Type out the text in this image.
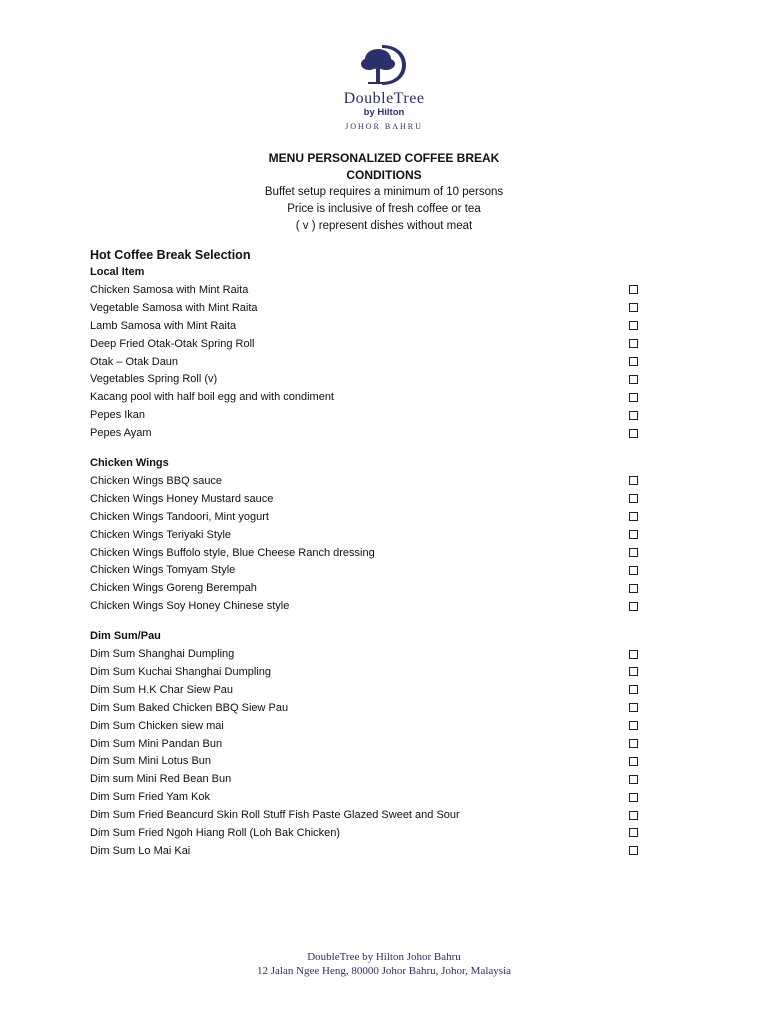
DoubleTree
by Hilton
JOHOR BAHRU
MENU PERSONALIZED COFFEE BREAK
CONDITIONS
Buffet setup requires a minimum of 10 persons
Price is inclusive of fresh coffee or tea
( v ) represent dishes without meat
Hot Coffee Break Selection
Local Item
Chicken Samosa with Mint Raita
Vegetable Samosa with Mint Raita
Lamb Samosa with Mint Raita
Deep Fried Otak-Otak Spring Roll
Otak – Otak Daun
Vegetables Spring Roll (v)
Kacang pool with half boil egg and with condiment
Pepes Ikan
Pepes Ayam
Chicken Wings
Chicken Wings BBQ sauce
Chicken Wings Honey Mustard sauce
Chicken Wings Tandoori, Mint yogurt
Chicken Wings Teriyaki Style
Chicken Wings Buffolo style, Blue Cheese Ranch dressing
Chicken Wings Tomyam Style
Chicken Wings Goreng Berempah
Chicken Wings Soy Honey Chinese style
Dim Sum/Pau
Dim Sum Shanghai Dumpling
Dim Sum Kuchai Shanghai Dumpling
Dim Sum H.K Char Siew Pau
Dim Sum Baked Chicken BBQ Siew Pau
Dim Sum Chicken siew mai
Dim Sum Mini Pandan Bun
Dim Sum Mini Lotus Bun
Dim sum Mini Red Bean Bun
Dim Sum Fried Yam Kok
Dim Sum Fried Beancurd Skin Roll Stuff Fish Paste Glazed Sweet and Sour
Dim Sum Fried Ngoh Hiang Roll (Loh Bak Chicken)
Dim Sum Lo Mai Kai
DoubleTree by Hilton Johor Bahru
12 Jalan Ngee Heng, 80000 Johor Bahru, Johor, Malaysia
